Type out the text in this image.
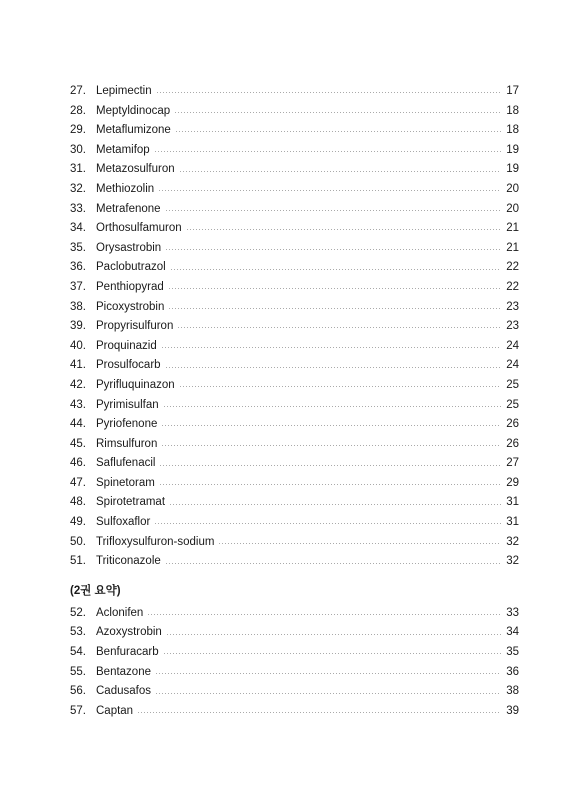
27. Lepimectin	17
28. Meptyldinocap	18
29. Metaflumizone	18
30. Metamifop	19
31. Metazosulfuron	19
32. Methiozolin	20
33. Metrafenone	20
34. Orthosulfamuron	21
35. Orysastrobin	21
36. Paclobutrazol	22
37. Penthiopyrad	22
38. Picoxystrobin	23
39. Propyrisulfuron	23
40. Proquinazid	24
41. Prosulfocarb	24
42. Pyrifluquinazon	25
43. Pyrimisulfan	25
44. Pyriofenone	26
45. Rimsulfuron	26
46. Saflufenacil	27
47. Spinetoram	29
48. Spirotetramat	31
49. Sulfoxaflor	31
50. Trifloxysulfuron-sodium	32
51. Triticonazole	32
(2권 요약)
52. Aclonifen	33
53. Azoxystrobin	34
54. Benfuracarb	35
55. Bentazone	36
56. Cadusafos	38
57. Captan	39
